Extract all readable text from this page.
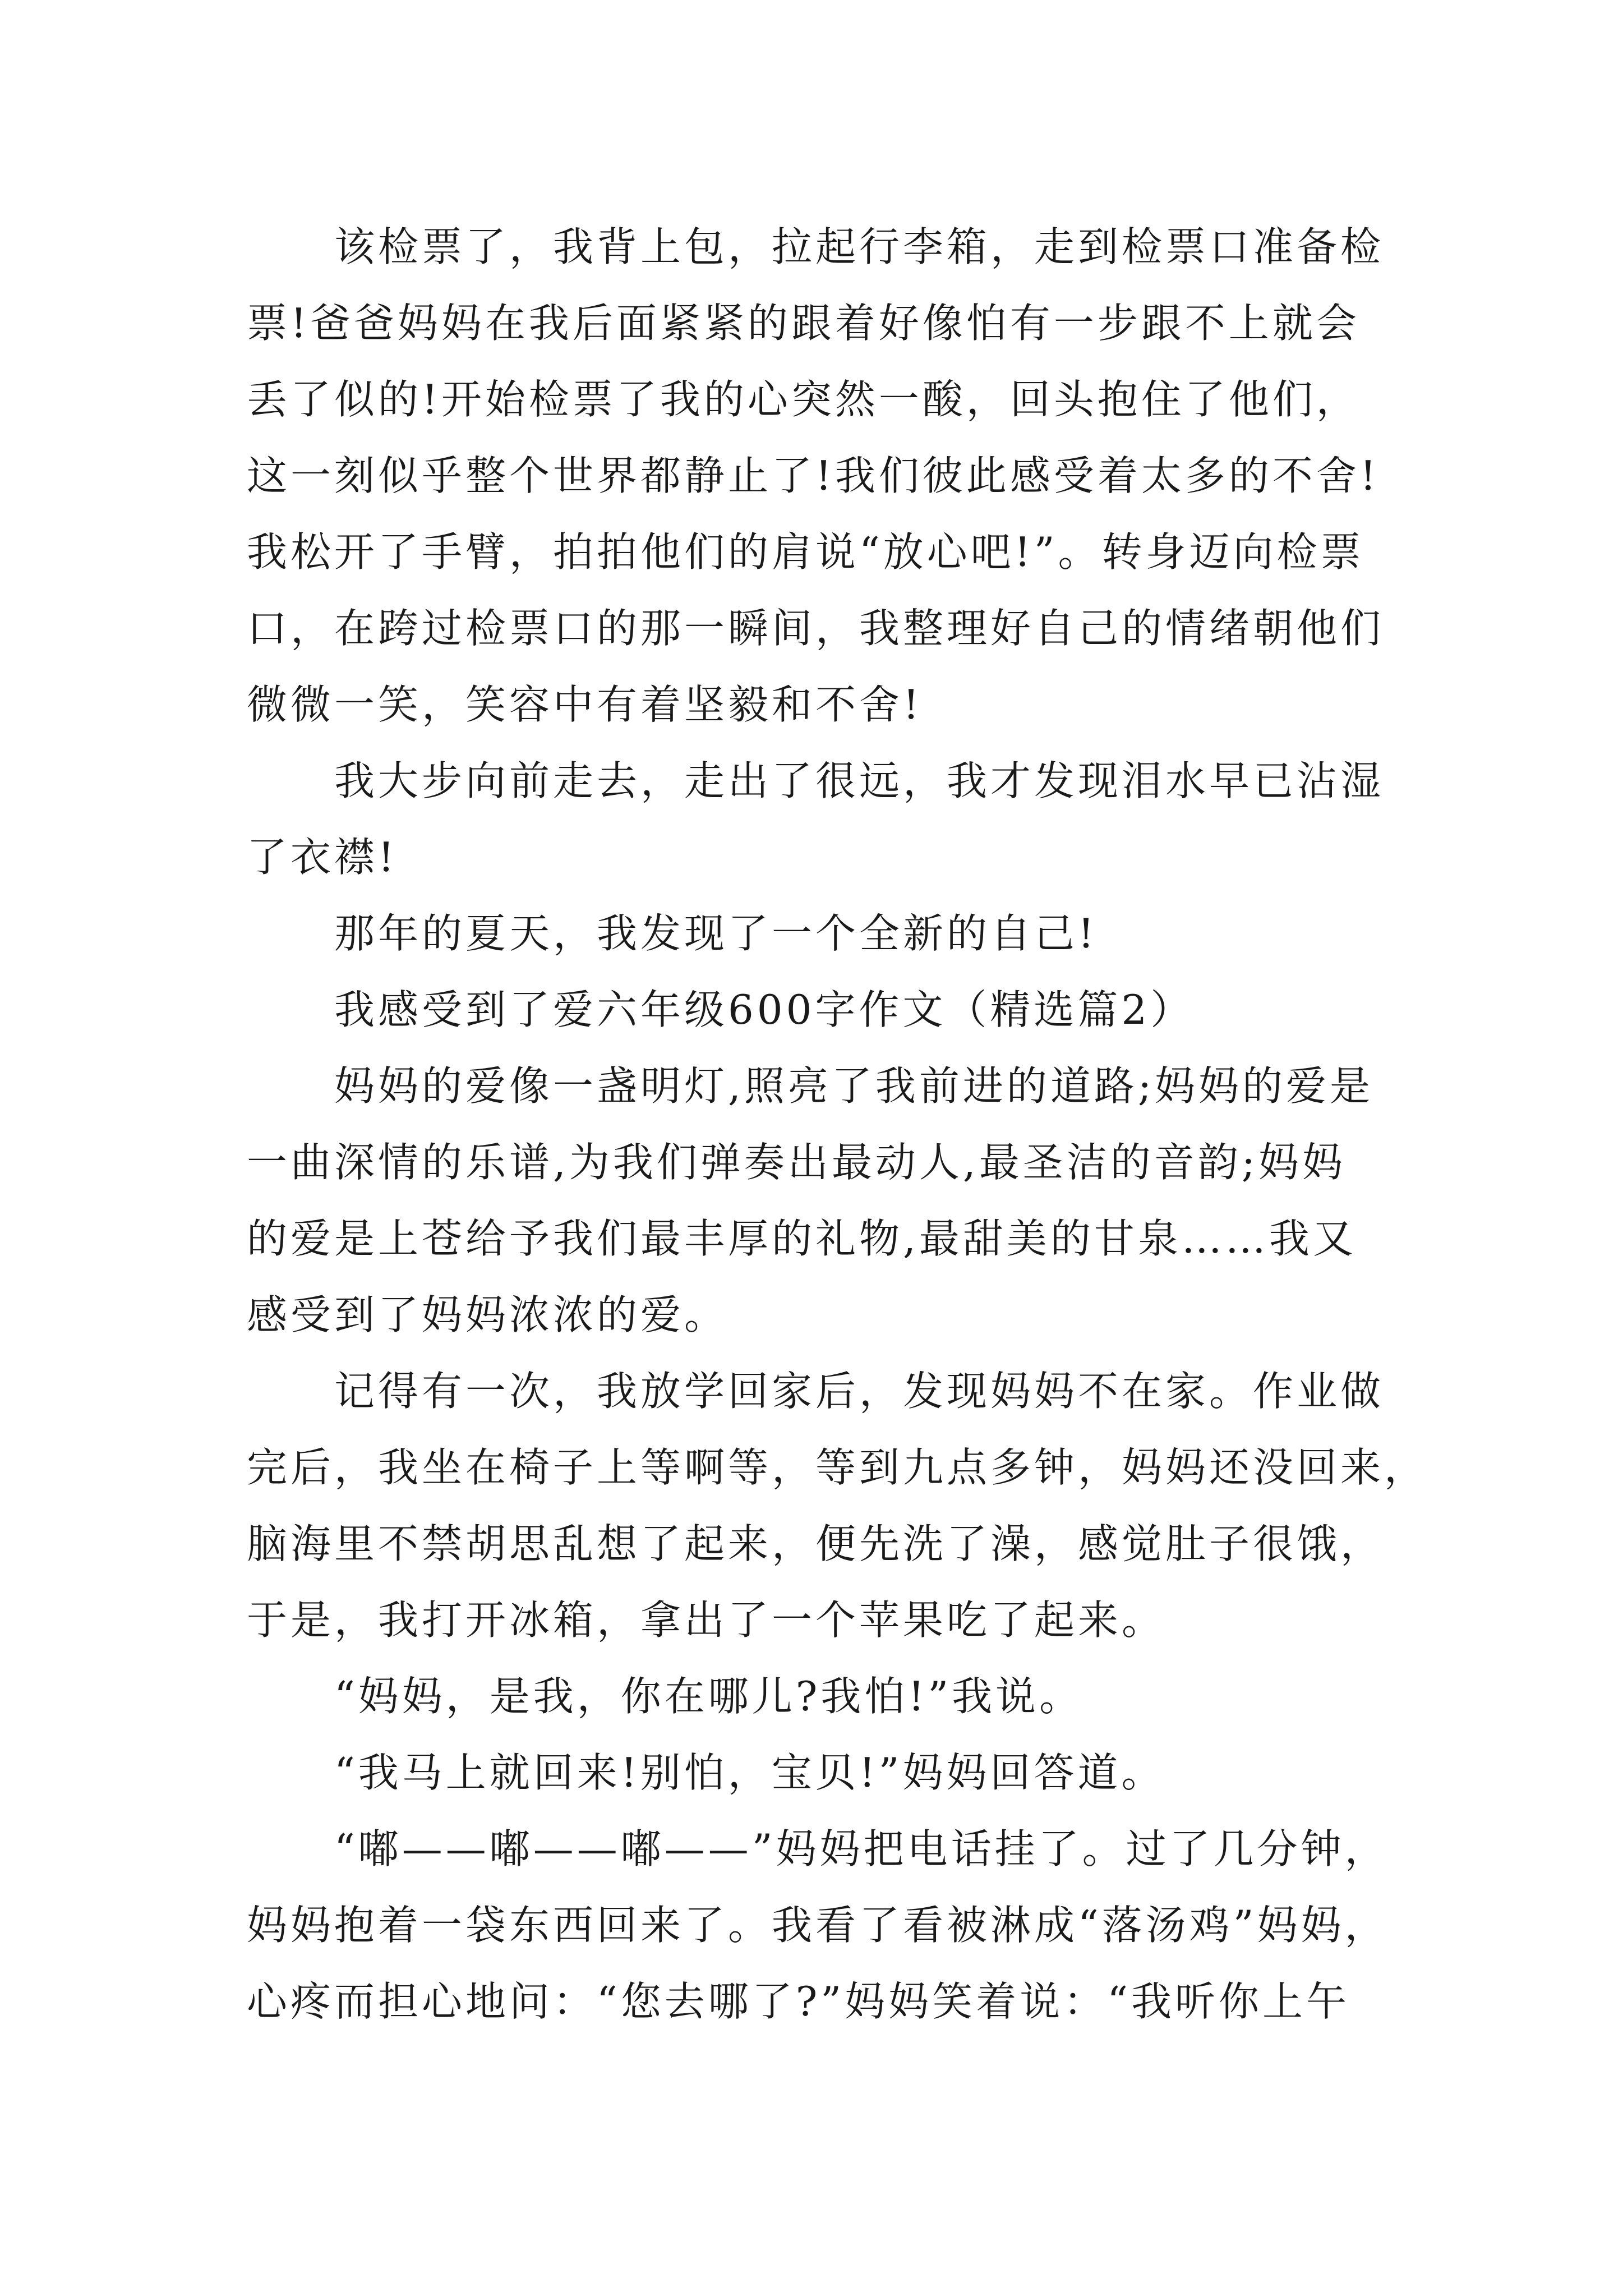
该检票了，我背上包，拉起行李箱，走到检票口准备检
票!爸爸妈妈在我后面紧紧的跟着好像怕有一步跟不上就会
丢了似的!开始检票了我的心突然一酸，回头抱住了他们，
这一刻似乎整个世界都静止了!我们彼此感受着太多的不舍!
我松开了手臂，拍拍他们的肩说“放心吧!”。转身迈向检票
口，在跨过检票口的那一瞬间，我整理好自己的情绪朝他们
微微一笑，笑容中有着坚毅和不舍!
我大步向前走去，走出了很远，我才发现泪水早已沾湿
了衣襟!
那年的夏天，我发现了一个全新的自己!
我感受到了爱六年级600字作文（精选篇2）
妈妈的爱像一盏明灯,照亮了我前进的道路;妈妈的爱是
一曲深情的乐谱,为我们弹奏出最动人,最圣洁的音韵;妈妈
的爱是上苍给予我们最丰厚的礼物,最甜美的甘泉……我又
感受到了妈妈浓浓的爱。
记得有一次，我放学回家后，发现妈妈不在家。作业做
完后，我坐在椅子上等啊等，等到九点多钟，妈妈还没回来，
脑海里不禁胡思乱想了起来，便先洗了澡，感觉肚子很饿，
于是，我打开冰箱，拿出了一个苹果吃了起来。
“妈妈，是我，你在哪儿?我怕!”我说。
“我马上就回来!别怕，宝贝!”妈妈回答道。
“嘟——嘟——嘟——”妈妈把电话挂了。过了几分钟，
妈妈抱着一袋东西回来了。我看了看被淋成“落汤鸡”妈妈，
心疼而担心地问：“您去哪了?”妈妈笑着说：“我听你上午
